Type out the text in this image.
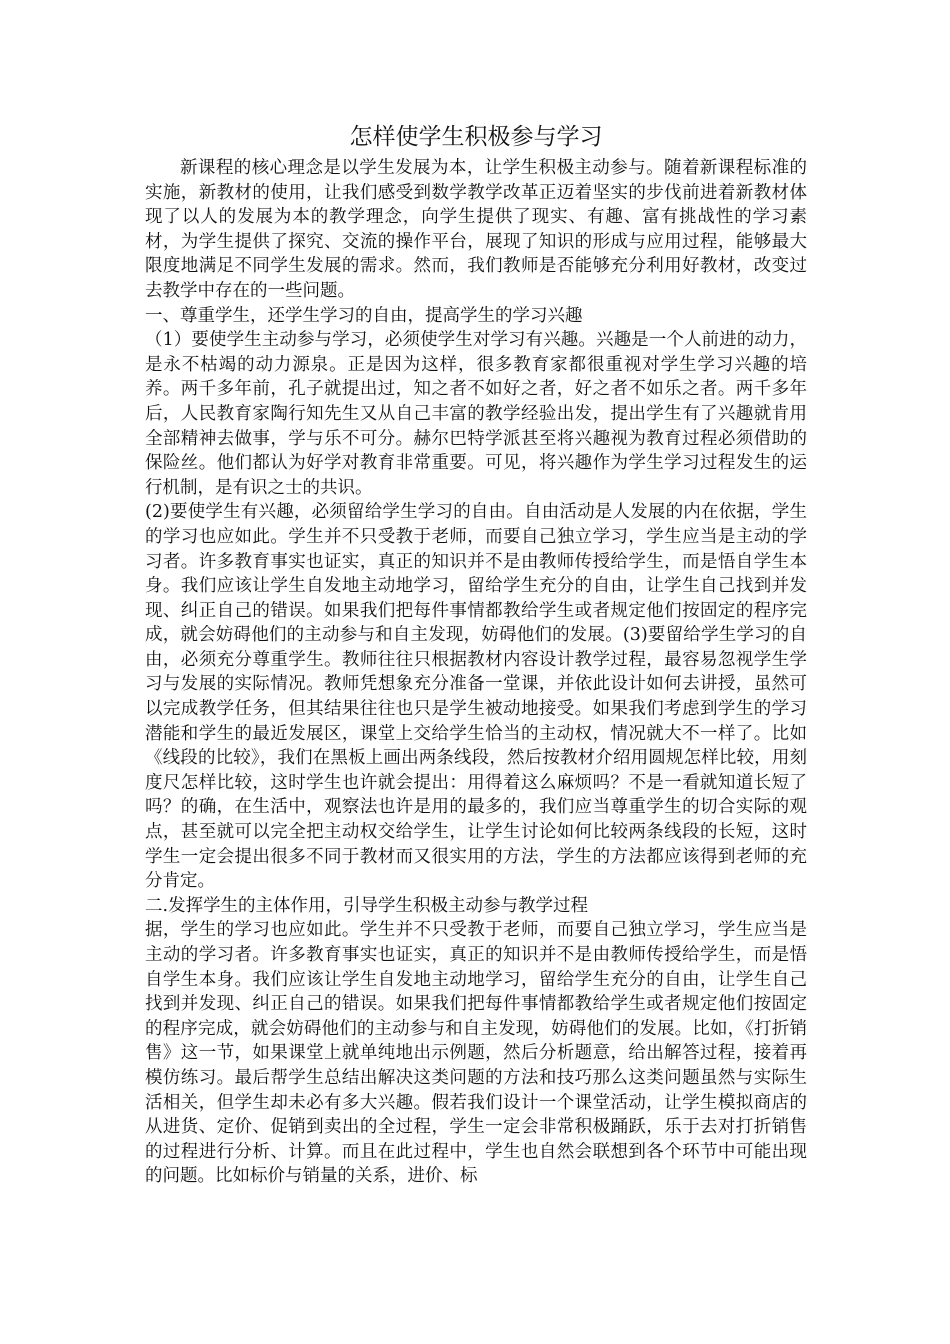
怎样使学生积极参与学习

新课程的核心理念是以学生发展为本，让学生积极主动参与。随着新课程标准的实施，新教材的使用，让我们感受到数学教学改革正迈着坚实的步伐前进着新教材体现了以人的发展为本的教学理念，向学生提供了现实、有趣、富有挑战性的学习素材，为学生提供了探究、交流的操作平台，展现了知识的形成与应用过程，能够最大限度地满足不同学生发展的需求。然而，我们教师是否能够充分利用好教材，改变过去教学中存在的一些问题。

一、尊重学生，还学生学习的自由，提高学生的学习兴趣

（1）要使学生主动参与学习，必须使学生对学习有兴趣。兴趣是一个人前进的动力，是永不枯竭的动力源泉。正是因为这样，很多教育家都很重视对学生学习兴趣的培养。两千多年前，孔子就提出过，知之者不如好之者，好之者不如乐之者。两千多年后，人民教育家陶行知先生又从自己丰富的教学经验出发，提出学生有了兴趣就肯用全部精神去做事，学与乐不可分。赫尔巴特学派甚至将兴趣视为教育过程必须借助的保险丝。他们都认为好学对教育非常重要。可见，将兴趣作为学生学习过程发生的运行机制，是有识之士的共识。

(2)要使学生有兴趣，必须留给学生学习的自由。自由活动是人发展的内在依据，学生的学习也应如此。学生并不只受教于老师，而要自己独立学习，学生应当是主动的学习者。许多教育事实也证实，真正的知识并不是由教师传授给学生，而是悟自学生本身。我们应该让学生自发地主动地学习，留给学生充分的自由，让学生自己找到并发现、纠正自己的错误。如果我们把每件事情都教给学生或者规定他们按固定的程序完成，就会妨碍他们的主动参与和自主发现，妨碍他们的发展。(3)要留给学生学习的自由，必须充分尊重学生。教师往往只根据教材内容设计教学过程，最容易忽视学生学习与发展的实际情况。教师凭想象充分准备一堂课，并依此设计如何去讲授，虽然可以完成教学任务，但其结果往往也只是学生被动地接受。如果我们考虑到学生的学习潜能和学生的最近发展区，课堂上交给学生恰当的主动权，情况就大不一样了。比如《线段的比较》，我们在黑板上画出两条线段，然后按教材介绍用圆规怎样比较，用刻度尺怎样比较，这时学生也许就会提出：用得着这么麻烦吗？不是一看就知道长短了吗？的确，在生活中，观察法也许是用的最多的，我们应当尊重学生的切合实际的观点，甚至就可以完全把主动权交给学生，让学生讨论如何比较两条线段的长短，这时学生一定会提出很多不同于教材而又很实用的方法，学生的方法都应该得到老师的充分肯定。

二.发挥学生的主体作用，引导学生积极主动参与教学过程

据，学生的学习也应如此。学生并不只受教于老师，而要自己独立学习，学生应当是主动的学习者。许多教育事实也证实，真正的知识并不是由教师传授给学生，而是悟自学生本身。我们应该让学生自发地主动地学习，留给学生充分的自由，让学生自己找到并发现、纠正自己的错误。如果我们把每件事情都教给学生或者规定他们按固定的程序完成，就会妨碍他们的主动参与和自主发现，妨碍他们的发展。比如，《打折销售》这一节，如果课堂上就单纯地出示例题，然后分析题意，给出解答过程，接着再模仿练习。最后帮学生总结出解决这类问题的方法和技巧那么这类问题虽然与实际生活相关，但学生却未必有多大兴趣。假若我们设计一个课堂活动，让学生模拟商店的从进货、定价、促销到卖出的全过程，学生一定会非常积极踊跃，乐于去对打折销售的过程进行分析、计算。而且在此过程中，学生也自然会联想到各个环节中可能出现的问题。比如标价与销量的关系，进价、标
